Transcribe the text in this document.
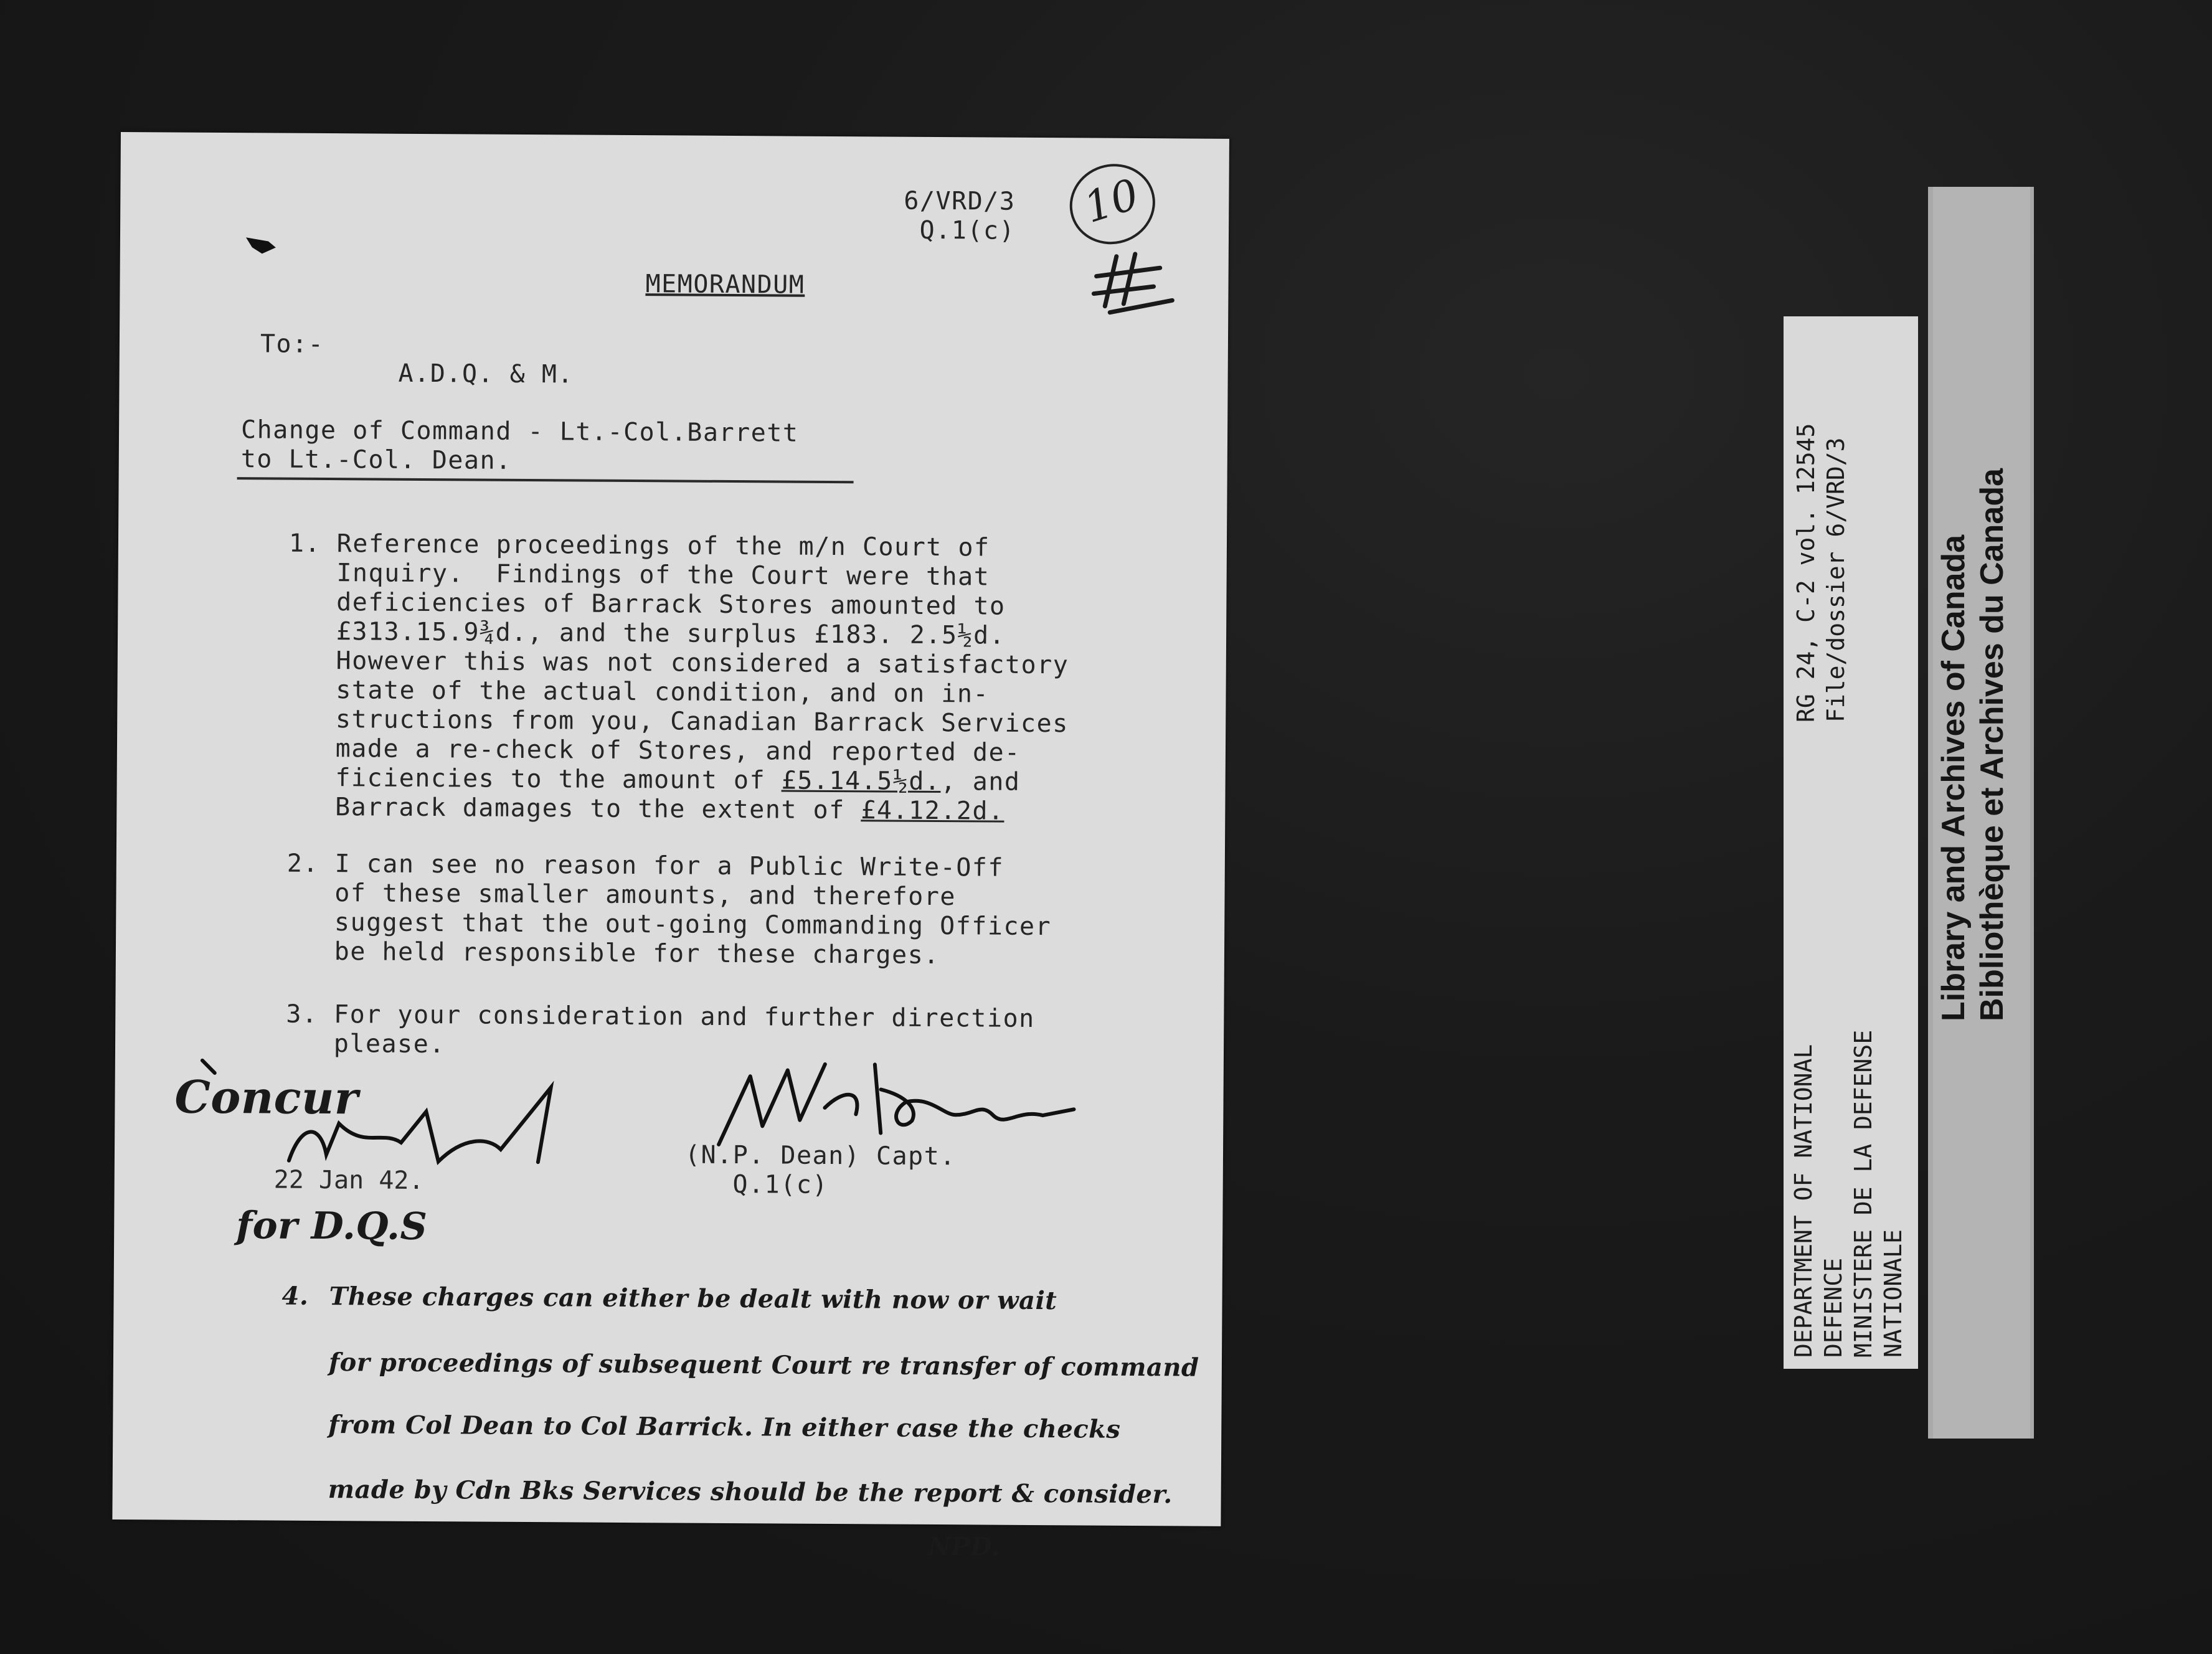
6/VRD/3
Q.1(c)	10
MEMORANDUM
To:-
A.D.Q. & M.
Change of Command - Lt.-Col.Barrett
to Lt.-Col. Dean.
1. Reference proceedings of the m/n Court of
Inquiry.  Findings of the Court were that
deficiencies of Barrack Stores amounted to
£313.15.9¾d., and the surplus £183. 2.5½d.
However this was not considered a satisfactory
state of the actual condition, and on in-
structions from you, Canadian Barrack Services
made a re-check of Stores, and reported de-
ficiencies to the amount of £5.14.5½d., and
Barrack damages to the extent of £4.12.2d.
2. I can see no reason for a Public Write-Off
of these smaller amounts, and therefore
suggest that the out-going Commanding Officer
be held responsible for these charges.
3. For your consideration and further direction
please.
(N.P. Dean) Capt.
Q.1(c)
22 Jan 42.
Concur
for D.Q.S
4. These charges can either be dealt with now or wait
for proceedings of subsequent Court re transfer of command
from Col Dean to Col Barrick. In either case the checks
made by Cdn Bks Services should be the report & consider.
NPD.
RG 24, C-2 vol. 12545 File/dossier 6/VRD/3
DEPARTMENT OF NATIONAL DEFENCE MINISTERE DE LA DEFENSE NATIONALE
Library and Archives of Canada
Bibliothèque et Archives du Canada
